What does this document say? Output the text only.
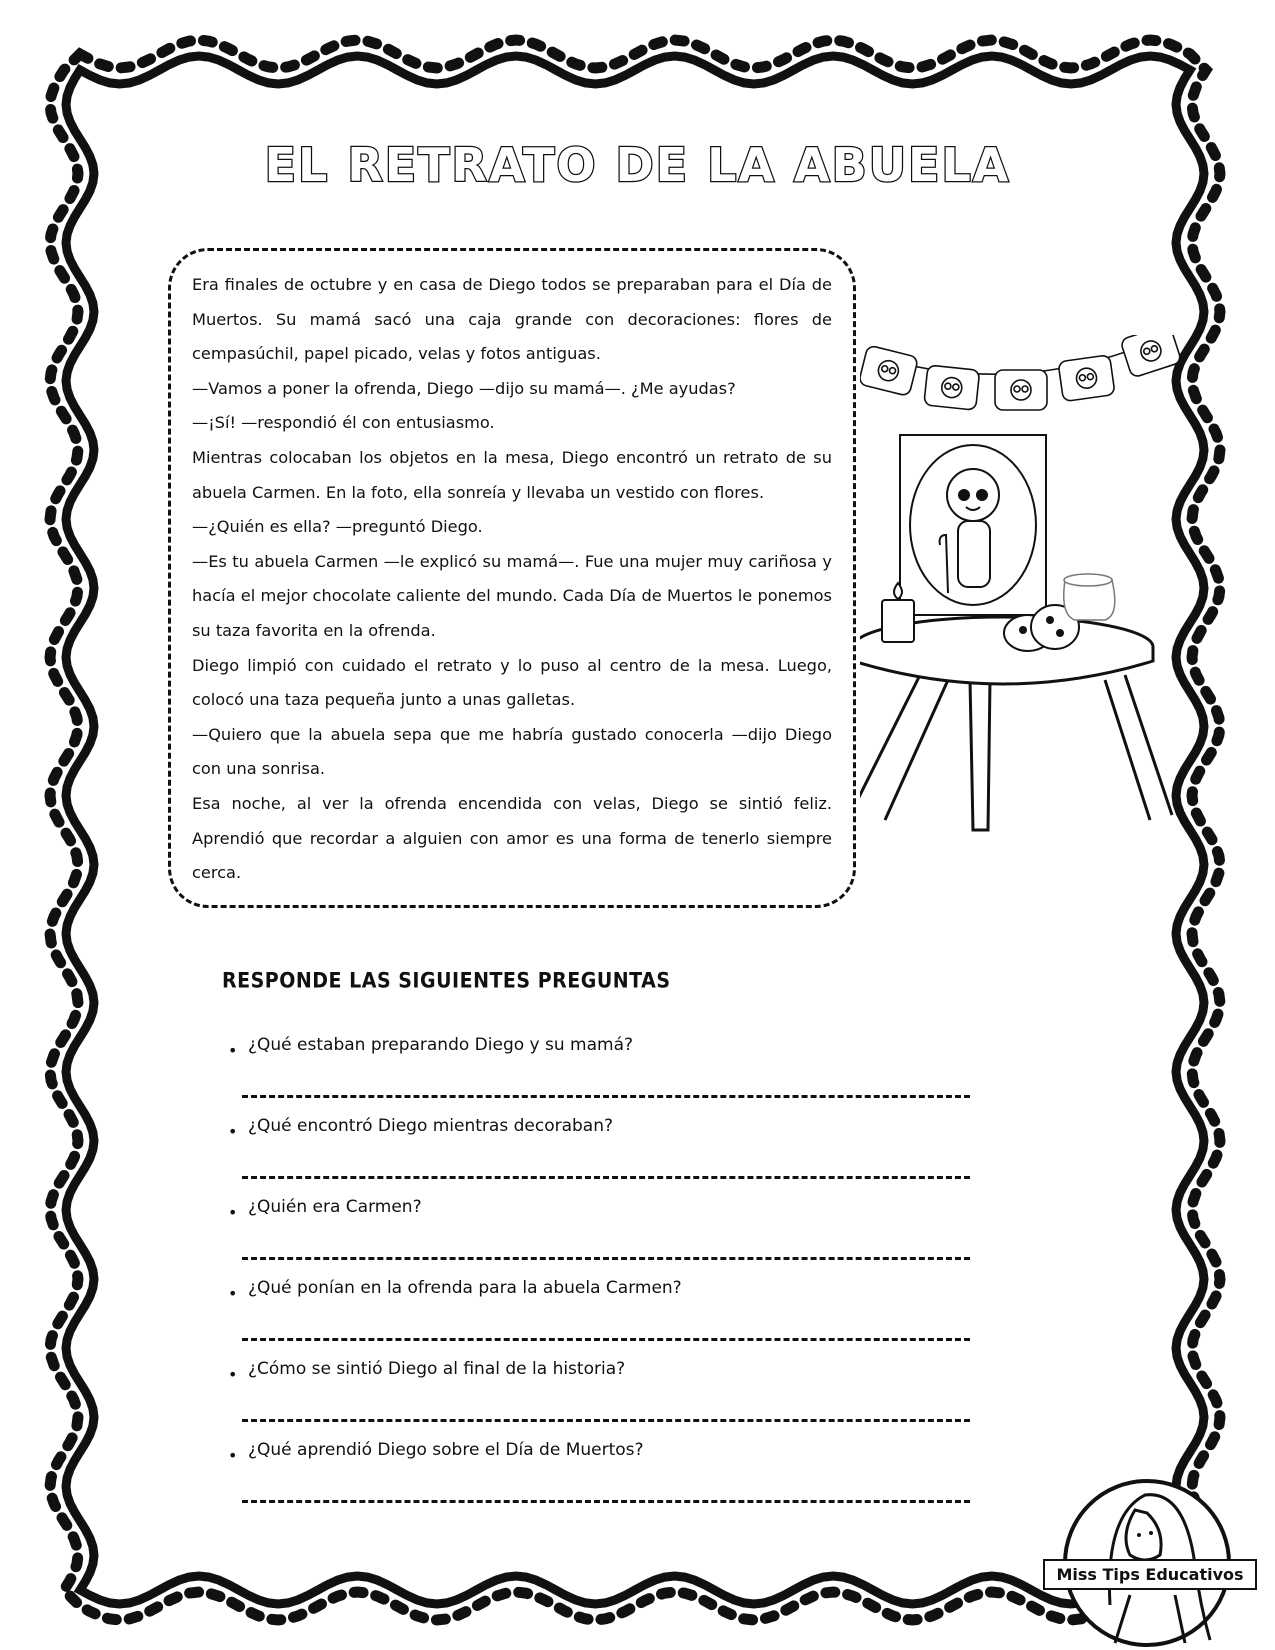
EL RETRATO DE LA ABUELA

Era finales de octubre y en casa de Diego todos se preparaban para el Día de Muertos. Su mamá sacó una caja grande con decoraciones: flores de cempasúchil, papel picado, velas y fotos antiguas.

—Vamos a poner la ofrenda, Diego —dijo su mamá—. ¿Me ayudas?

—¡Sí! —respondió él con entusiasmo.

Mientras colocaban los objetos en la mesa, Diego encontró un retrato de su abuela Carmen. En la foto, ella sonreía y llevaba un vestido con flores.

—¿Quién es ella? —preguntó Diego.

—Es tu abuela Carmen —le explicó su mamá—. Fue una mujer muy cariñosa y hacía el mejor chocolate caliente del mundo. Cada Día de Muertos le ponemos su taza favorita en la ofrenda.

Diego limpió con cuidado el retrato y lo puso al centro de la mesa. Luego, colocó una taza pequeña junto a unas galletas.

—Quiero que la abuela sepa que me habría gustado conocerla —dijo Diego con una sonrisa.

Esa noche, al ver la ofrenda encendida con velas, Diego se sintió feliz. Aprendió que recordar a alguien con amor es una forma de tenerlo siempre cerca.

RESPONDE LAS SIGUIENTES PREGUNTAS
• ¿Qué estaban preparando Diego y su mamá?
• ¿Qué encontró Diego mientras decoraban?
• ¿Quién era Carmen?
• ¿Qué ponían en la ofrenda para la abuela Carmen?
• ¿Cómo se sintió Diego al final de la historia?
• ¿Qué aprendió Diego sobre el Día de Muertos?
Miss Tips Educativos
